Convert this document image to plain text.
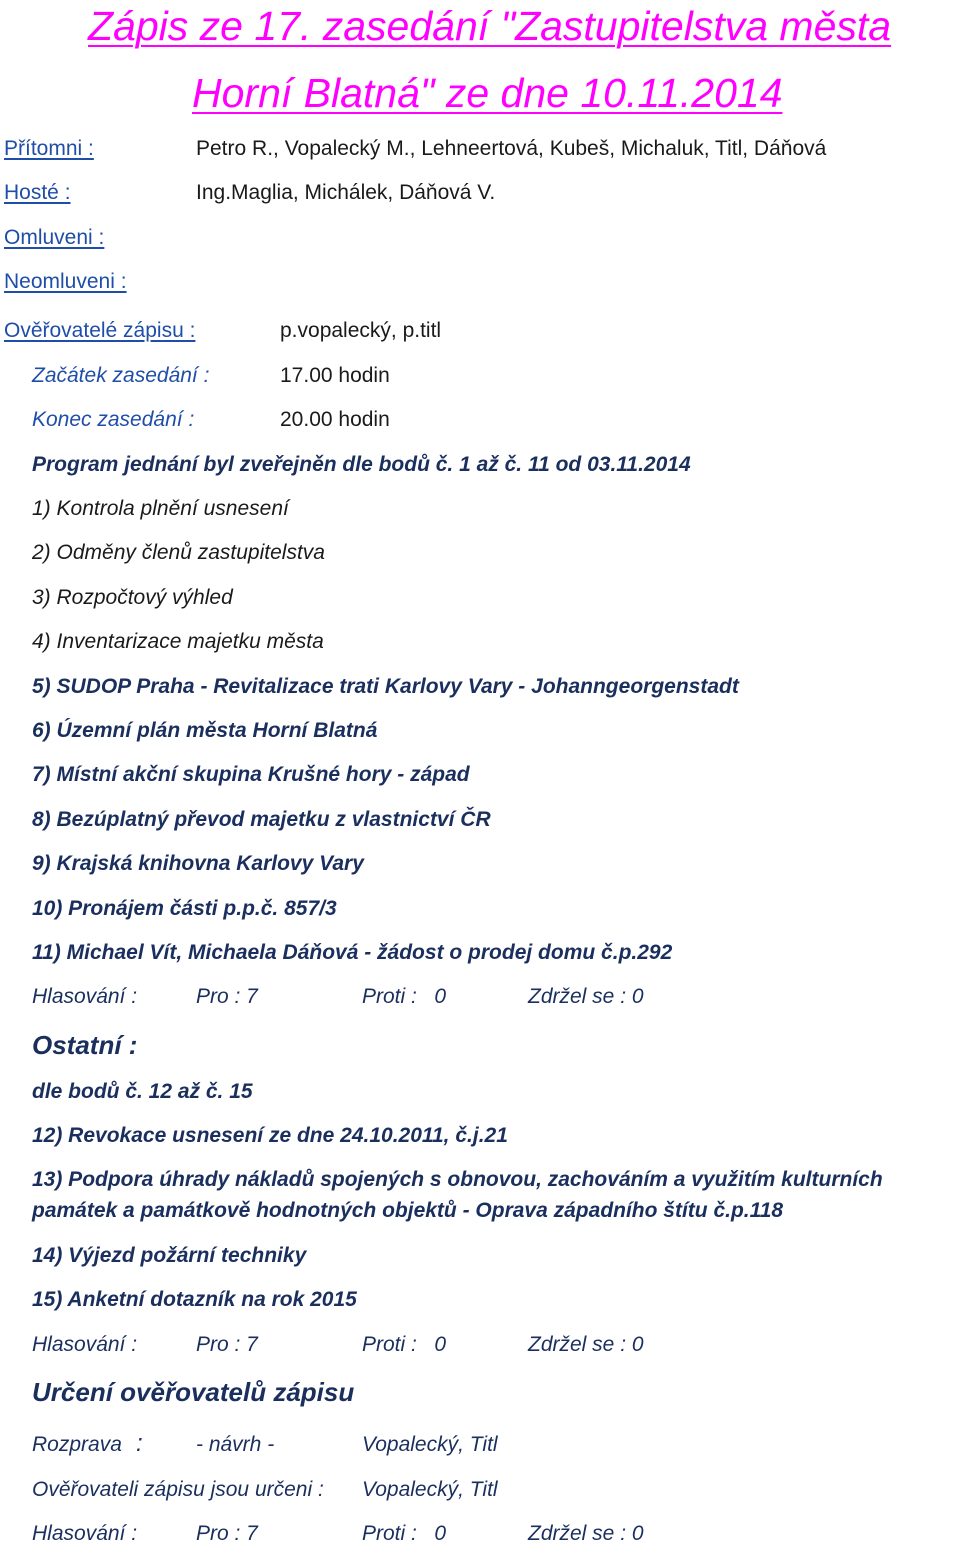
Zápis ze 17. zasedání "Zastupitelstva města
Horní Blatná" ze dne 10.11.2014
Přítomni :	Petro R., Vopalecký M., Lehneertová, Kubeš, Michaluk, Titl, Dáňová
Hosté :	Ing.Maglia, Michálek, Dáňová V.
Omluveni :
Neomluveni :
Ověřovatelé zápisu :	p.vopalecký, p.titl
Začátek zasedání :	17.00 hodin
Konec zasedání :	20.00 hodin
Program jednání byl zveřejněn dle bodů č. 1 až č. 11 od 03.11.2014
1) Kontrola plnění usnesení
2) Odměny členů zastupitelstva
3) Rozpočtový výhled
4) Inventarizace majetku města
5) SUDOP Praha - Revitalizace trati Karlovy Vary - Johanngeorgenstadt
6) Územní plán města Horní Blatná
7) Místní akční skupina Krušné hory - západ
8) Bezúplatný převod majetku z vlastnictví ČR
9) Krajská knihovna Karlovy Vary
10) Pronájem části p.p.č. 857/3
11) Michael Vít, Michaela Dáňová - žádost o prodej domu č.p.292
Hlasování :	Pro : 7	Proti :   0	Zdržel se : 0
Ostatní :
dle bodů č. 12 až č. 15
12) Revokace usnesení ze dne 24.10.2011, č.j.21
13) Podpora úhrady nákladů spojených s obnovou, zachováním a využitím kulturních
památek a památkově hodnotných objektů - Oprava západního štítu č.p.118
14) Výjezd požární techniky
15) Anketní dotazník na rok 2015
Hlasování :	Pro : 7	Proti :   0	Zdržel se : 0
Určení ověřovatelů zápisu
Rozprava :	- návrh -	Vopalecký, Titl
Ověřovateli zápisu jsou určeni : Vopalecký, Titl
Hlasování :	Pro : 7	Proti :   0	Zdržel se : 0
